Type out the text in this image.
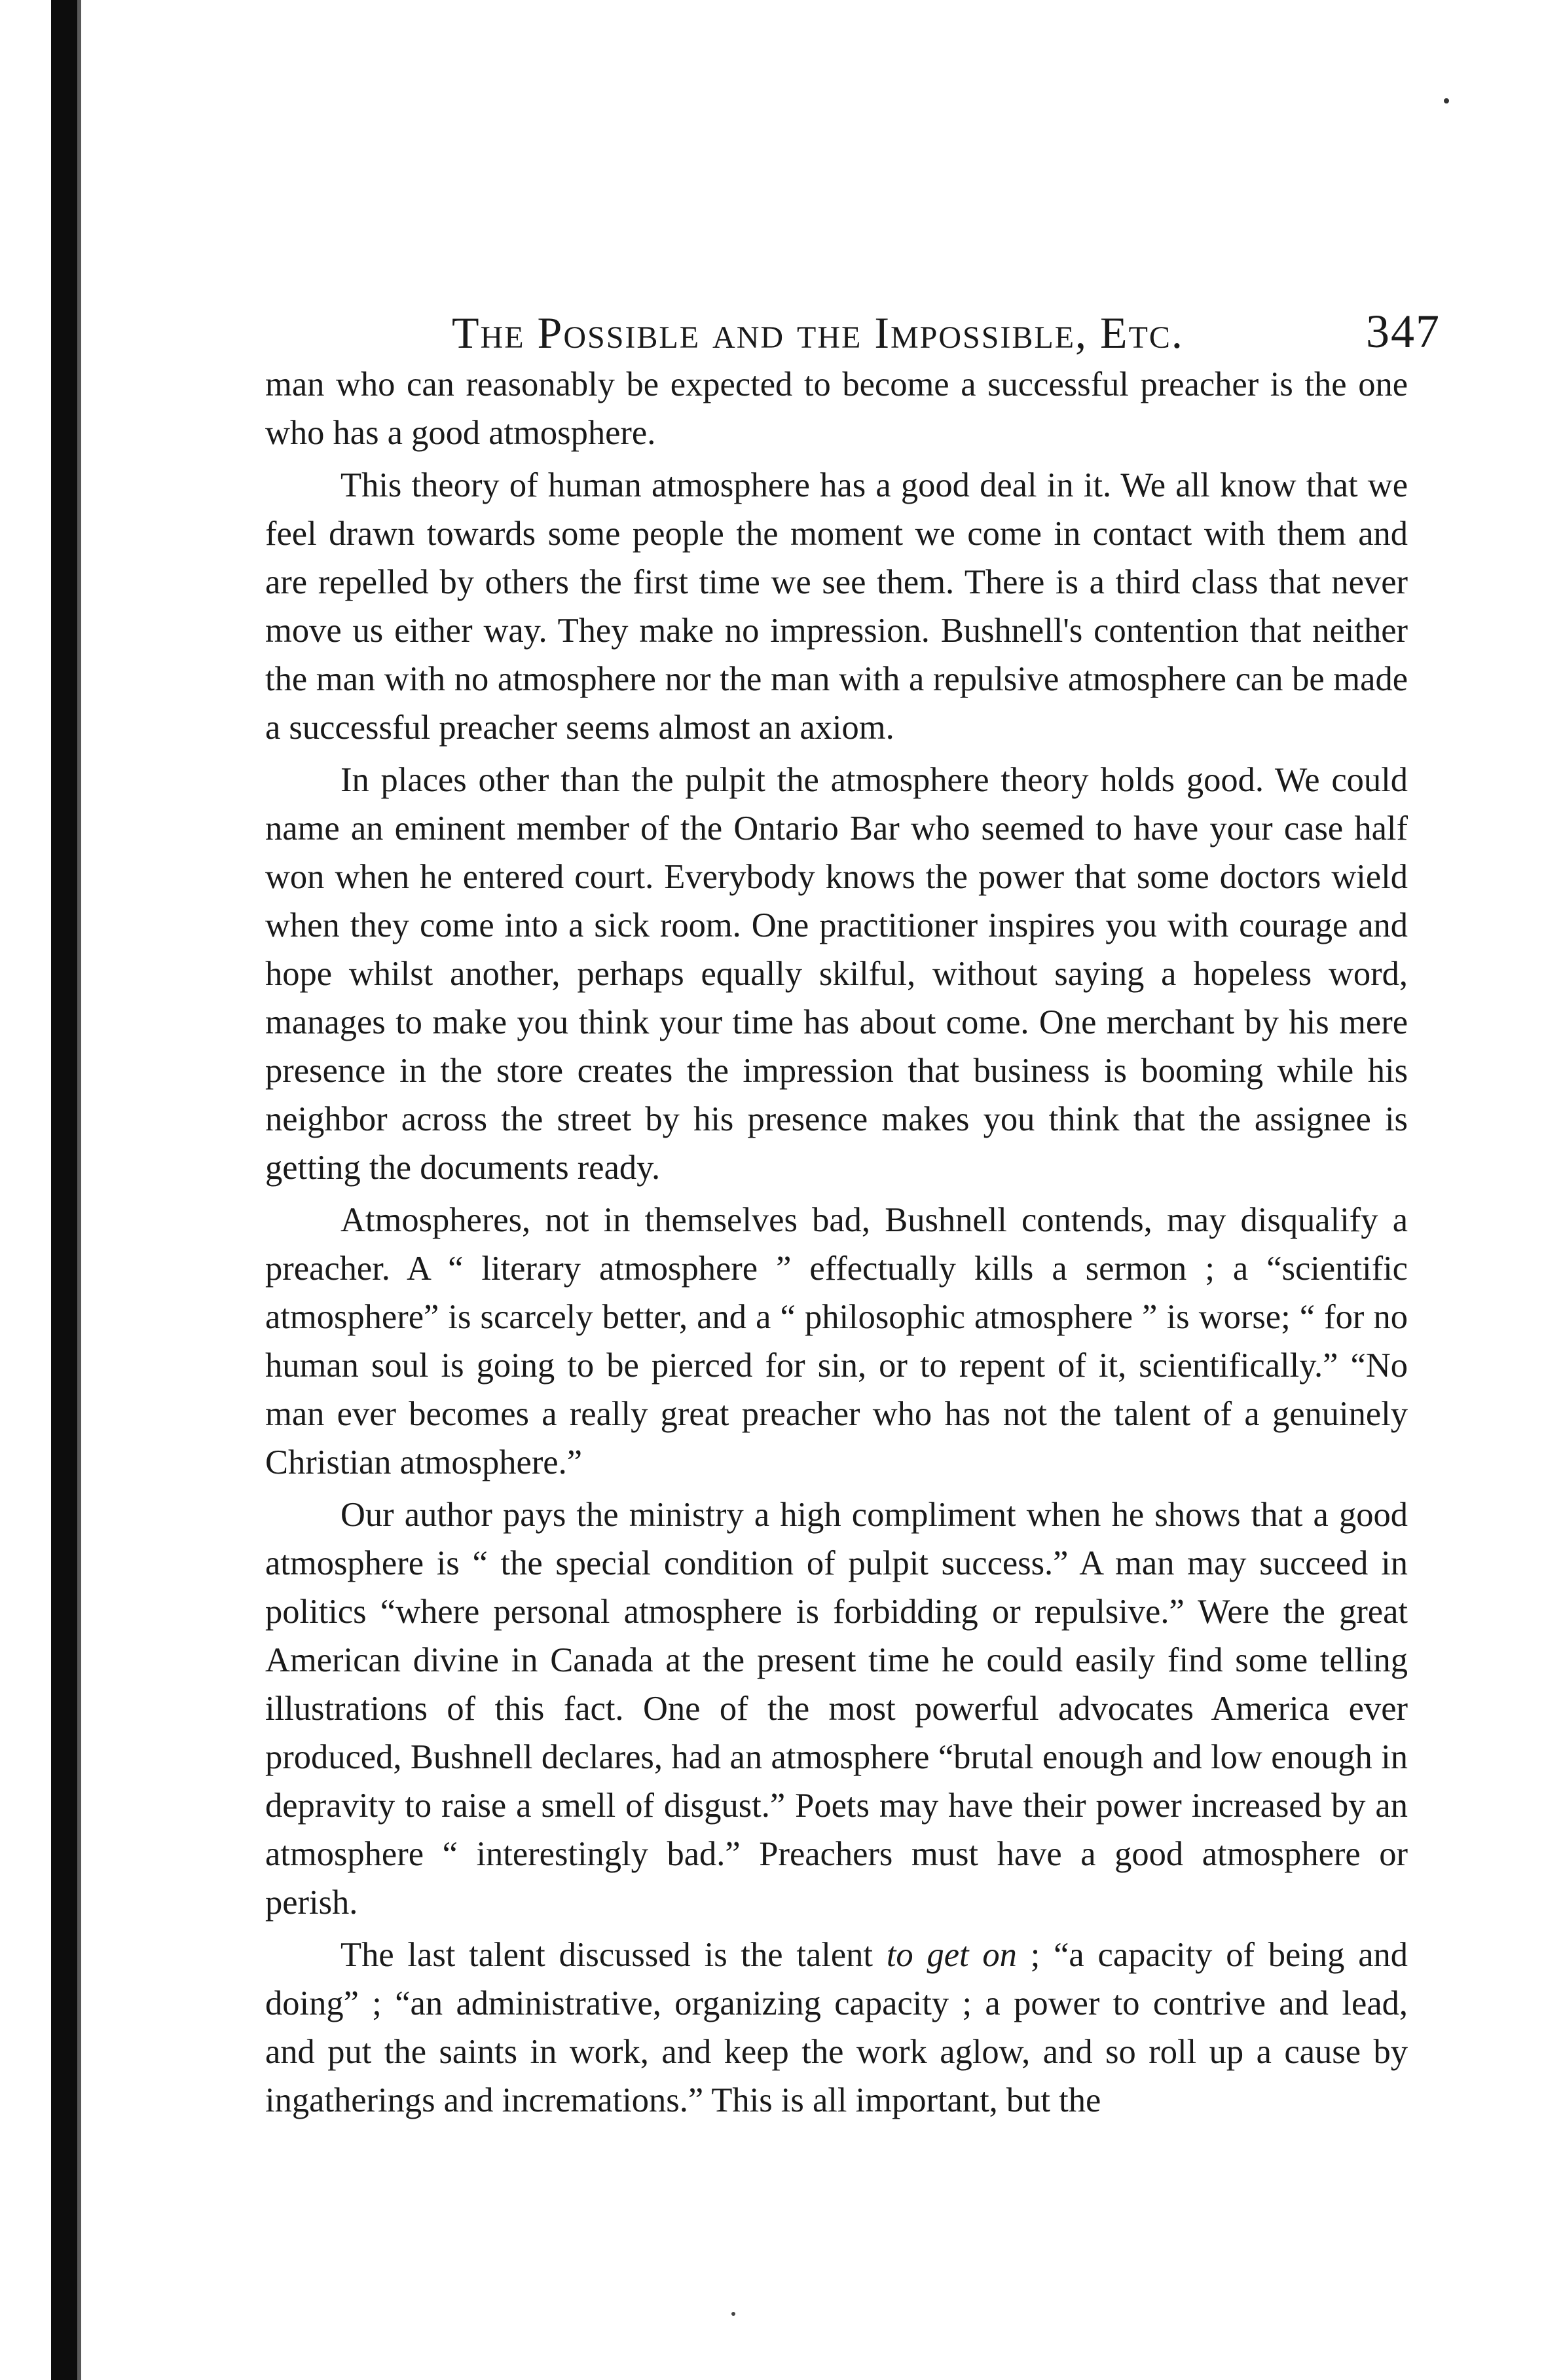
The Possible and the Impossible, Etc.	347

man who can reasonably be expected to become a successful preacher is the one who has a good atmosphere.

This theory of human atmosphere has a good deal in it. We all know that we feel drawn towards some people the moment we come in contact with them and are repelled by others the first time we see them. There is a third class that never move us either way. They make no impression. Bushnell's contention that neither the man with no atmosphere nor the man with a repulsive atmosphere can be made a successful preacher seems almost an axiom.

In places other than the pulpit the atmosphere theory holds good. We could name an eminent member of the Ontario Bar who seemed to have your case half won when he entered court. Everybody knows the power that some doctors wield when they come into a sick room. One practitioner inspires you with courage and hope whilst another, perhaps equally skilful, without saying a hopeless word, manages to make you think your time has about come. One merchant by his mere presence in the store creates the impression that business is booming while his neighbor across the street by his presence makes you think that the assignee is getting the documents ready.

Atmospheres, not in themselves bad, Bushnell contends, may disqualify a preacher. A “ literary atmosphere ” effectually kills a sermon ; a “scientific atmosphere” is scarcely better, and a “ philosophic atmosphere ” is worse; “ for no human soul is going to be pierced for sin, or to repent of it, scientifically.” “No man ever becomes a really great preacher who has not the talent of a genuinely Christian atmosphere.”

Our author pays the ministry a high compliment when he shows that a good atmosphere is “ the special condition of pulpit success.” A man may succeed in politics “where personal atmosphere is forbidding or repulsive.” Were the great American divine in Canada at the present time he could easily find some telling illustrations of this fact. One of the most powerful advocates America ever produced, Bushnell declares, had an atmosphere “brutal enough and low enough in depravity to raise a smell of disgust.” Poets may have their power increased by an atmosphere “ interestingly bad.” Preachers must have a good atmosphere or perish.

The last talent discussed is the talent to get on ; “a capacity of being and doing” ; “an administrative, organizing capacity ; a power to contrive and lead, and put the saints in work, and keep the work aglow, and so roll up a cause by ingatherings and incremations.” This is all important, but the
